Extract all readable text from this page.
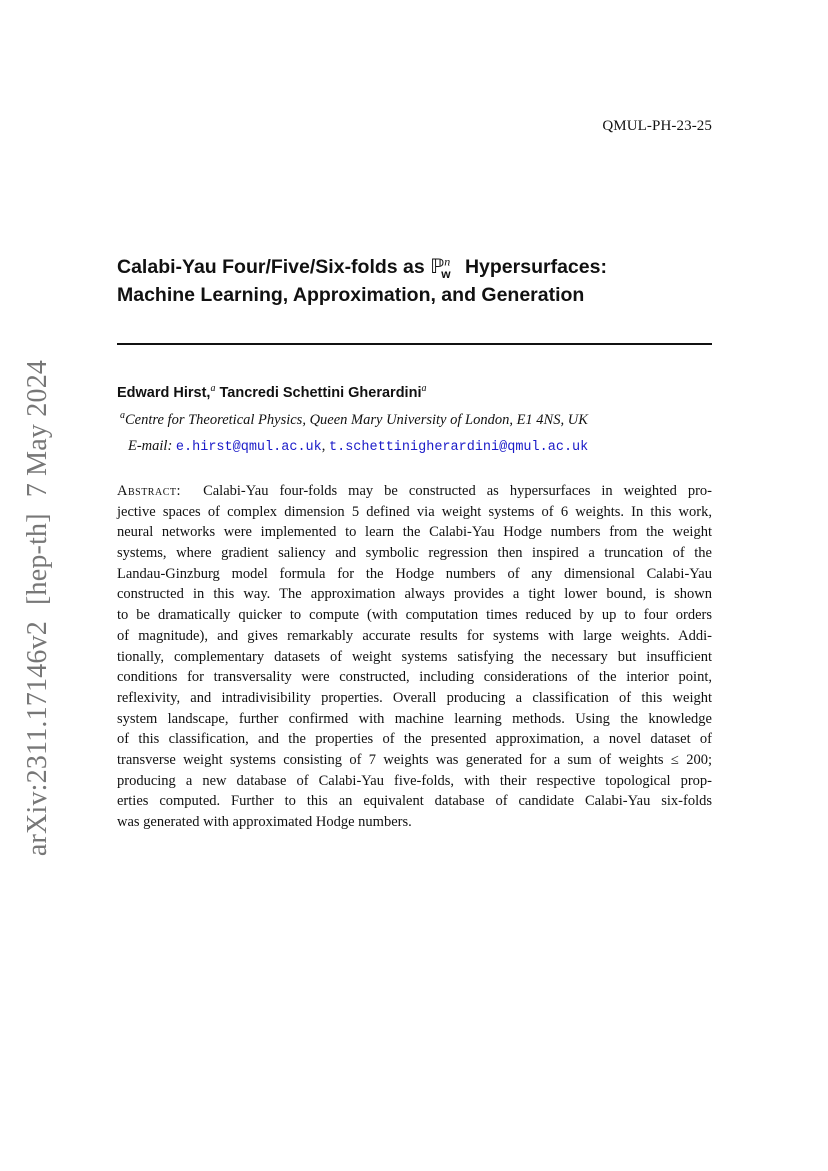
QMUL-PH-23-25
arXiv:2311.17146v2[hep-th]7 May 2024
Calabi-Yau Four/Five/Six-folds as ℙ$^n_w$ Hypersurfaces:
Machine Learning, Approximation, and Generation
Edward Hirst,$^a$ Tancredi Schettini Gherardini$^a$
$^a$Centre for Theoretical Physics, Queen Mary University of London, E1 4NS, UK
E-mail: e.hirst@qmul.ac.uk, t.schettinigherardini@qmul.ac.uk
Abstract: Calabi-Yau four-folds may be constructed as hypersurfaces in weighted pro-
jective spaces of complex dimension 5 defined via weight systems of 6 weights. In this work,
neural networks were implemented to learn the Calabi-Yau Hodge numbers from the weight
systems, where gradient saliency and symbolic regression then inspired a truncation of the
Landau-Ginzburg model formula for the Hodge numbers of any dimensional Calabi-Yau
constructed in this way. The approximation always provides a tight lower bound, is shown
to be dramatically quicker to compute (with computation times reduced by up to four orders
of magnitude), and gives remarkably accurate results for systems with large weights. Addi-
tionally, complementary datasets of weight systems satisfying the necessary but insufficient
conditions for transversality were constructed, including considerations of the interior point,
reflexivity, and intradivisibility properties. Overall producing a classification of this weight
system landscape, further confirmed with machine learning methods. Using the knowledge
of this classification, and the properties of the presented approximation, a novel dataset of
transverse weight systems consisting of 7 weights was generated for a sum of weights ≤ 200;
producing a new database of Calabi-Yau five-folds, with their respective topological prop-
erties computed. Further to this an equivalent database of candidate Calabi-Yau six-folds
was generated with approximated Hodge numbers.
